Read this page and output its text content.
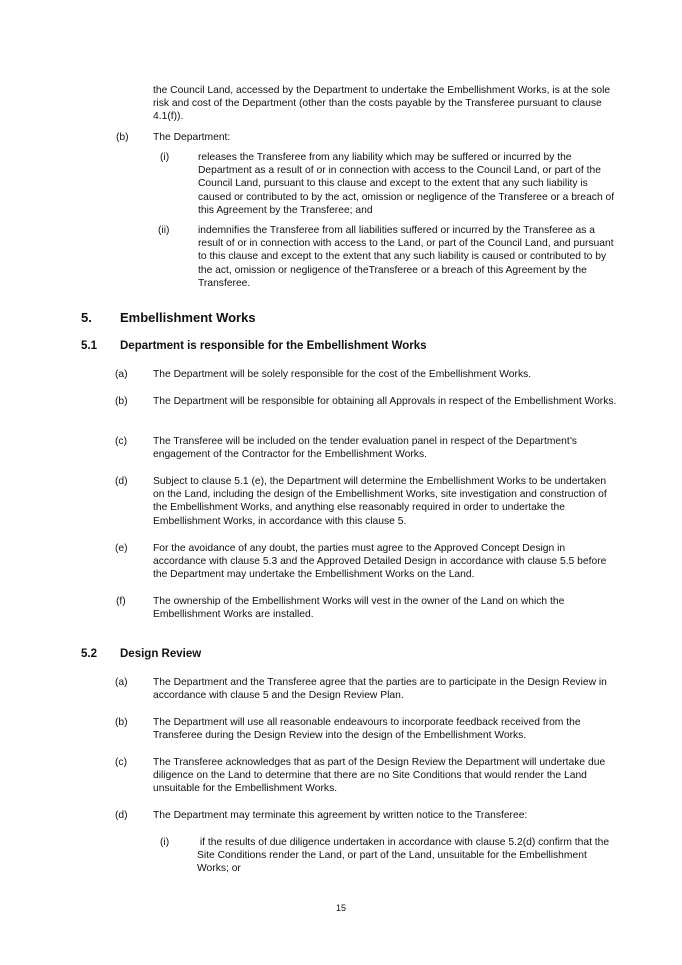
the Council Land, accessed by the Department to undertake the Embellishment Works, is at the sole risk and cost of the Department (other than the costs payable by the Transferee pursuant to clause 4.1(f)).

(b) The Department:

(i)	releases the Transferee from any liability which may be suffered or incurred by the Department as a result of or in connection with access to the Council Land, or part of the Council Land, pursuant to this clause and except to the extent that any such liability is caused or contributed to by the act, omission or negligence of the Transferee or a breach of this Agreement by the Transferee; and

(ii)	indemnifies the Transferee from all liabilities suffered or incurred by the Transferee as a result of or in connection with access to the Land, or part of the Council Land, and pursuant to this clause and except to the extent that any such liability is caused or contributed to by the act, omission or negligence of theTransferee or a breach of this Agreement by the Transferee.

5. Embellishment Works
5.1 Department is responsible for the Embellishment Works
(a) The Department will be solely responsible for the cost of the Embellishment Works.

(b) The Department will be responsible for obtaining all Approvals in respect of the Embellishment Works.

(c)	The Transferee will be included on the tender evaluation panel in respect of the Department’s engagement of the Contractor for the Embellishment Works.

(d) Subject to clause 5.1 (e), the Department will determine the Embellishment Works to be undertaken on the Land, including the design of the Embellishment Works, site investigation and construction of the Embellishment Works, and anything else reasonably required in order to undertake the Embellishment Works, in accordance with this clause 5.

(e) For the avoidance of any doubt, the parties must agree to the Approved Concept Design in accordance with clause 5.3 and the Approved Detailed Design in accordance with clause 5.5 before the Department may undertake the Embellishment Works on the Land.

(f)	The ownership of the Embellishment Works will vest in the owner of the Land on which the Embellishment Works are installed.

5.2 Design Review
(a) The Department and the Transferee agree that the parties are to participate in the Design Review in accordance with clause 5 and the Design Review Plan.

(b) The Department will use all reasonable endeavours to incorporate feedback received from the Transferee during the Design Review into the design of the Embellishment Works.

(c)	The Transferee acknowledges that as part of the Design Review the Department will undertake due diligence on the Land to determine that there are no Site Conditions that would render the Land unsuitable for the Embellishment Works.

(d) The Department may terminate this agreement by written notice to the Transferee:

(i)	if the results of due diligence undertaken in accordance with clause 5.2(d) confirm that the Site Conditions render the Land, or part of the Land, unsuitable for the Embellishment Works; or

15
